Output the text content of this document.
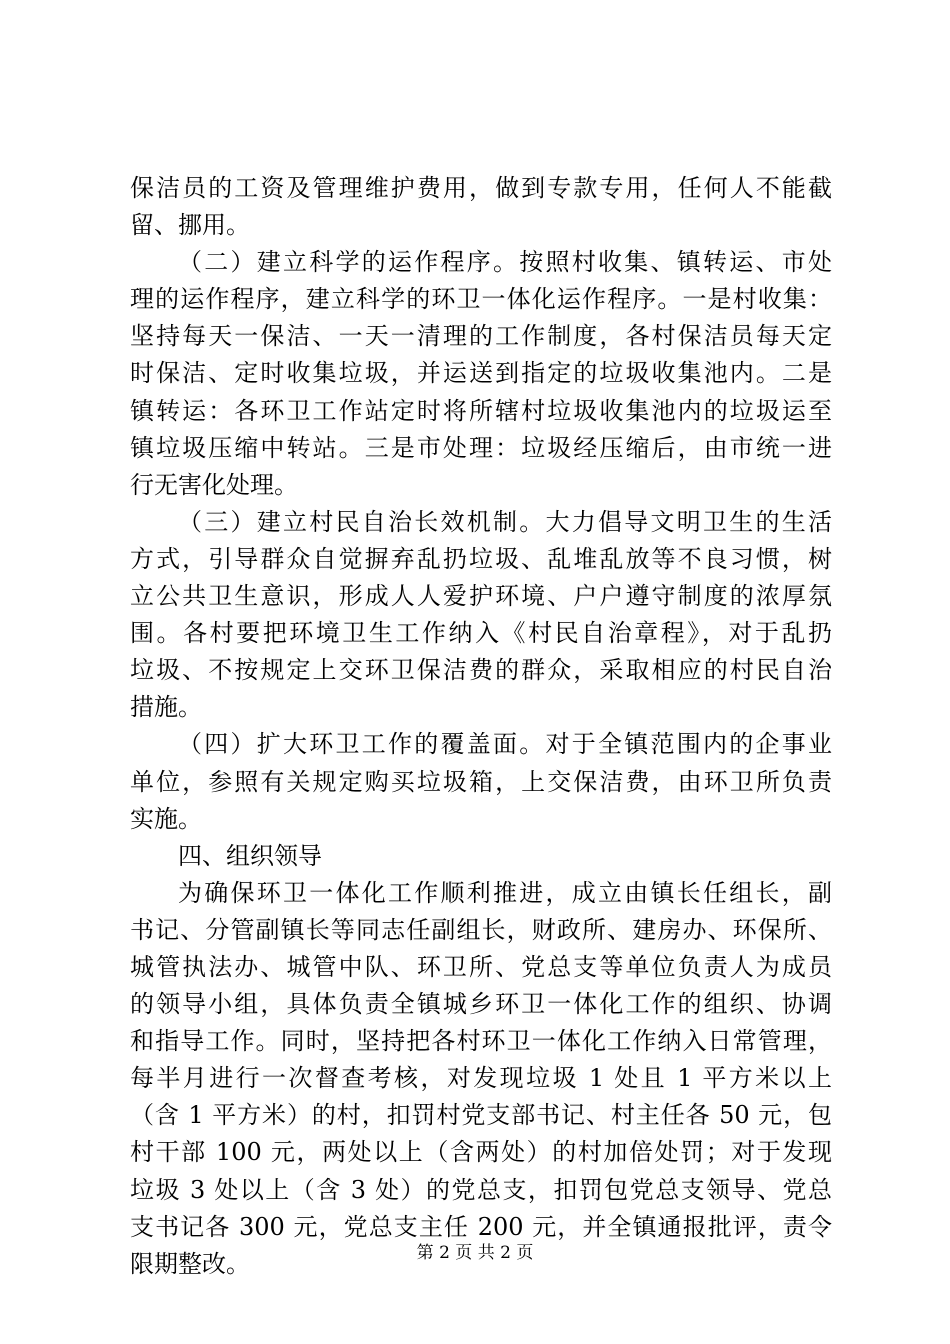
保洁员的工资及管理维护费用，做到专款专用，任何人不能截
留、挪用。
（二）建立科学的运作程序。按照村收集、镇转运、市处
理的运作程序，建立科学的环卫一体化运作程序。一是村收集：
坚持每天一保洁、一天一清理的工作制度，各村保洁员每天定
时保洁、定时收集垃圾，并运送到指定的垃圾收集池内。二是
镇转运：各环卫工作站定时将所辖村垃圾收集池内的垃圾运至
镇垃圾压缩中转站。三是市处理：垃圾经压缩后，由市统一进
行无害化处理。
（三）建立村民自治长效机制。大力倡导文明卫生的生活
方式，引导群众自觉摒弃乱扔垃圾、乱堆乱放等不良习惯，树
立公共卫生意识，形成人人爱护环境、户户遵守制度的浓厚氛
围。各村要把环境卫生工作纳入《村民自治章程》，对于乱扔
垃圾、不按规定上交环卫保洁费的群众，采取相应的村民自治
措施。
（四）扩大环卫工作的覆盖面。对于全镇范围内的企事业
单位，参照有关规定购买垃圾箱，上交保洁费，由环卫所负责
实施。
四、组织领导
为确保环卫一体化工作顺利推进，成立由镇长任组长，副
书记、分管副镇长等同志任副组长，财政所、建房办、环保所、
城管执法办、城管中队、环卫所、党总支等单位负责人为成员
的领导小组，具体负责全镇城乡环卫一体化工作的组织、协调
和指导工作。同时，坚持把各村环卫一体化工作纳入日常管理，
每半月进行一次督查考核，对发现垃圾 1 处且 1 平方米以上
（含 1 平方米）的村，扣罚村党支部书记、村主任各 50 元，包
村干部 100 元，两处以上（含两处）的村加倍处罚；对于发现
垃圾 3 处以上（含 3 处）的党总支，扣罚包党总支领导、党总
支书记各 300 元，党总支主任 200 元，并全镇通报批评，责令
限期整改。	第 2 页 共 2 页
